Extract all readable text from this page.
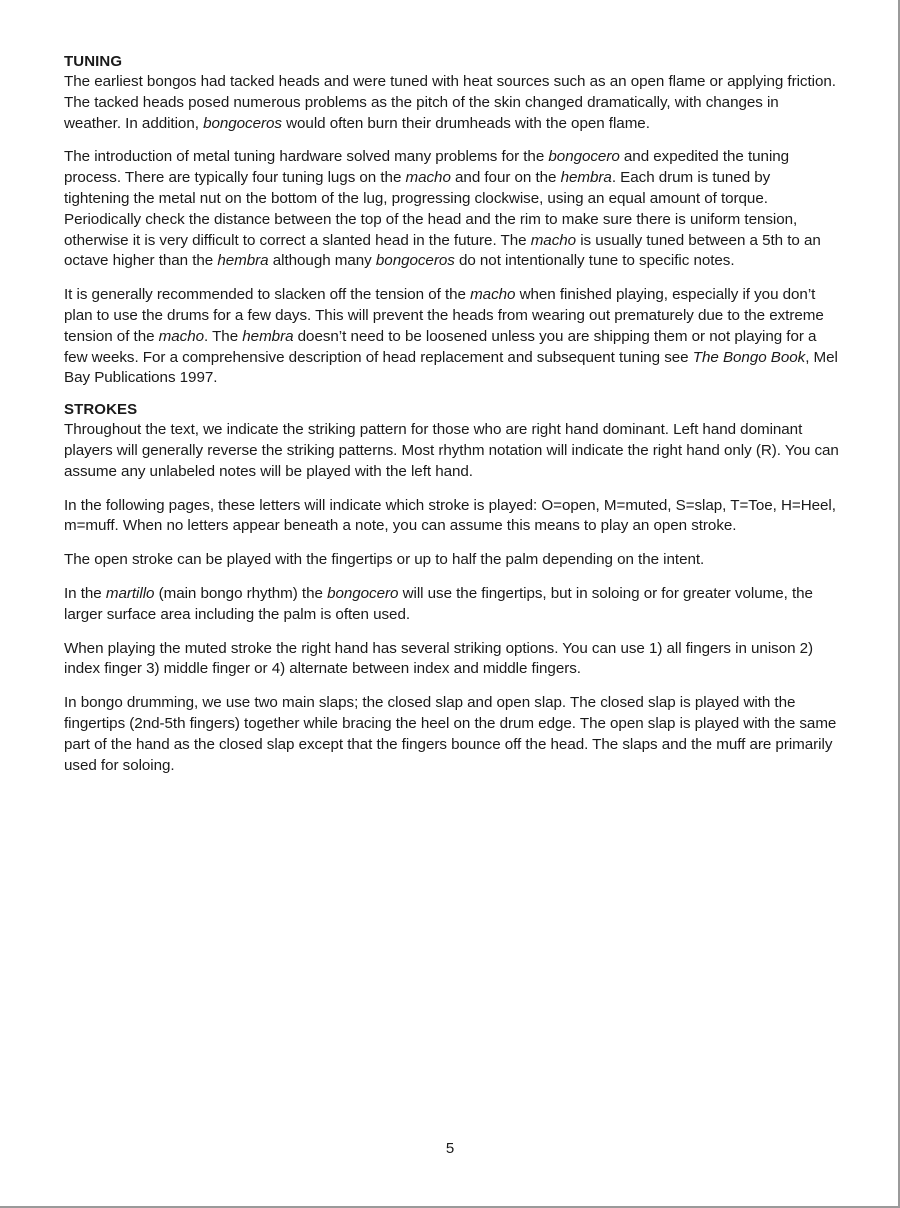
TUNING

The earliest bongos had tacked heads and were tuned with heat sources such as an open flame or applying friction. The tacked heads posed numerous problems as the pitch of the skin changed dramatically, with changes in weather. In addition, bongoceros would often burn their drumheads with the open flame.

The introduction of metal tuning hardware solved many problems for the bongocero and expedited the tuning process. There are typically four tuning lugs on the macho and four on the hembra. Each drum is tuned by tightening the metal nut on the bottom of the lug, progressing clockwise, using an equal amount of torque. Periodically check the distance between the top of the head and the rim to make sure there is uniform tension, otherwise it is very difficult to correct a slanted head in the future. The macho is usually tuned between a 5th to an octave higher than the hembra although many bongoceros do not intentionally tune to specific notes.

It is generally recommended to slacken off the tension of the macho when finished playing, especially if you don’t plan to use the drums for a few days. This will prevent the heads from wearing out prematurely due to the extreme tension of the macho. The hembra doesn’t need to be loosened unless you are shipping them or not playing for a few weeks. For a comprehensive description of head replacement and subsequent tuning see The Bongo Book, Mel Bay Publications 1997.

STROKES

Throughout the text, we indicate the striking pattern for those who are right hand dominant. Left hand dominant players will generally reverse the striking patterns. Most rhythm notation will indicate the right hand only (R). You can assume any unlabeled notes will be played with the left hand.

In the following pages, these letters will indicate which stroke is played: O=open, M=muted, S=slap, T=Toe, H=Heel, m=muff. When no letters appear beneath a note, you can assume this means to play an open stroke.

The open stroke can be played with the fingertips or up to half the palm depending on the intent.

In the martillo (main bongo rhythm) the bongocero will use the fingertips, but in soloing or for greater volume, the larger surface area including the palm is often used.

When playing the muted stroke the right hand has several striking options. You can use 1) all fingers in unison 2) index finger 3) middle finger or 4) alternate between index and middle fingers.

In bongo drumming, we use two main slaps; the closed slap and open slap. The closed slap is played with the fingertips (2nd-5th fingers) together while bracing the heel on the drum edge. The open slap is played with the same part of the hand as the closed slap except that the fingers bounce off the head. The slaps and the muff are primarily used for soloing.

5
